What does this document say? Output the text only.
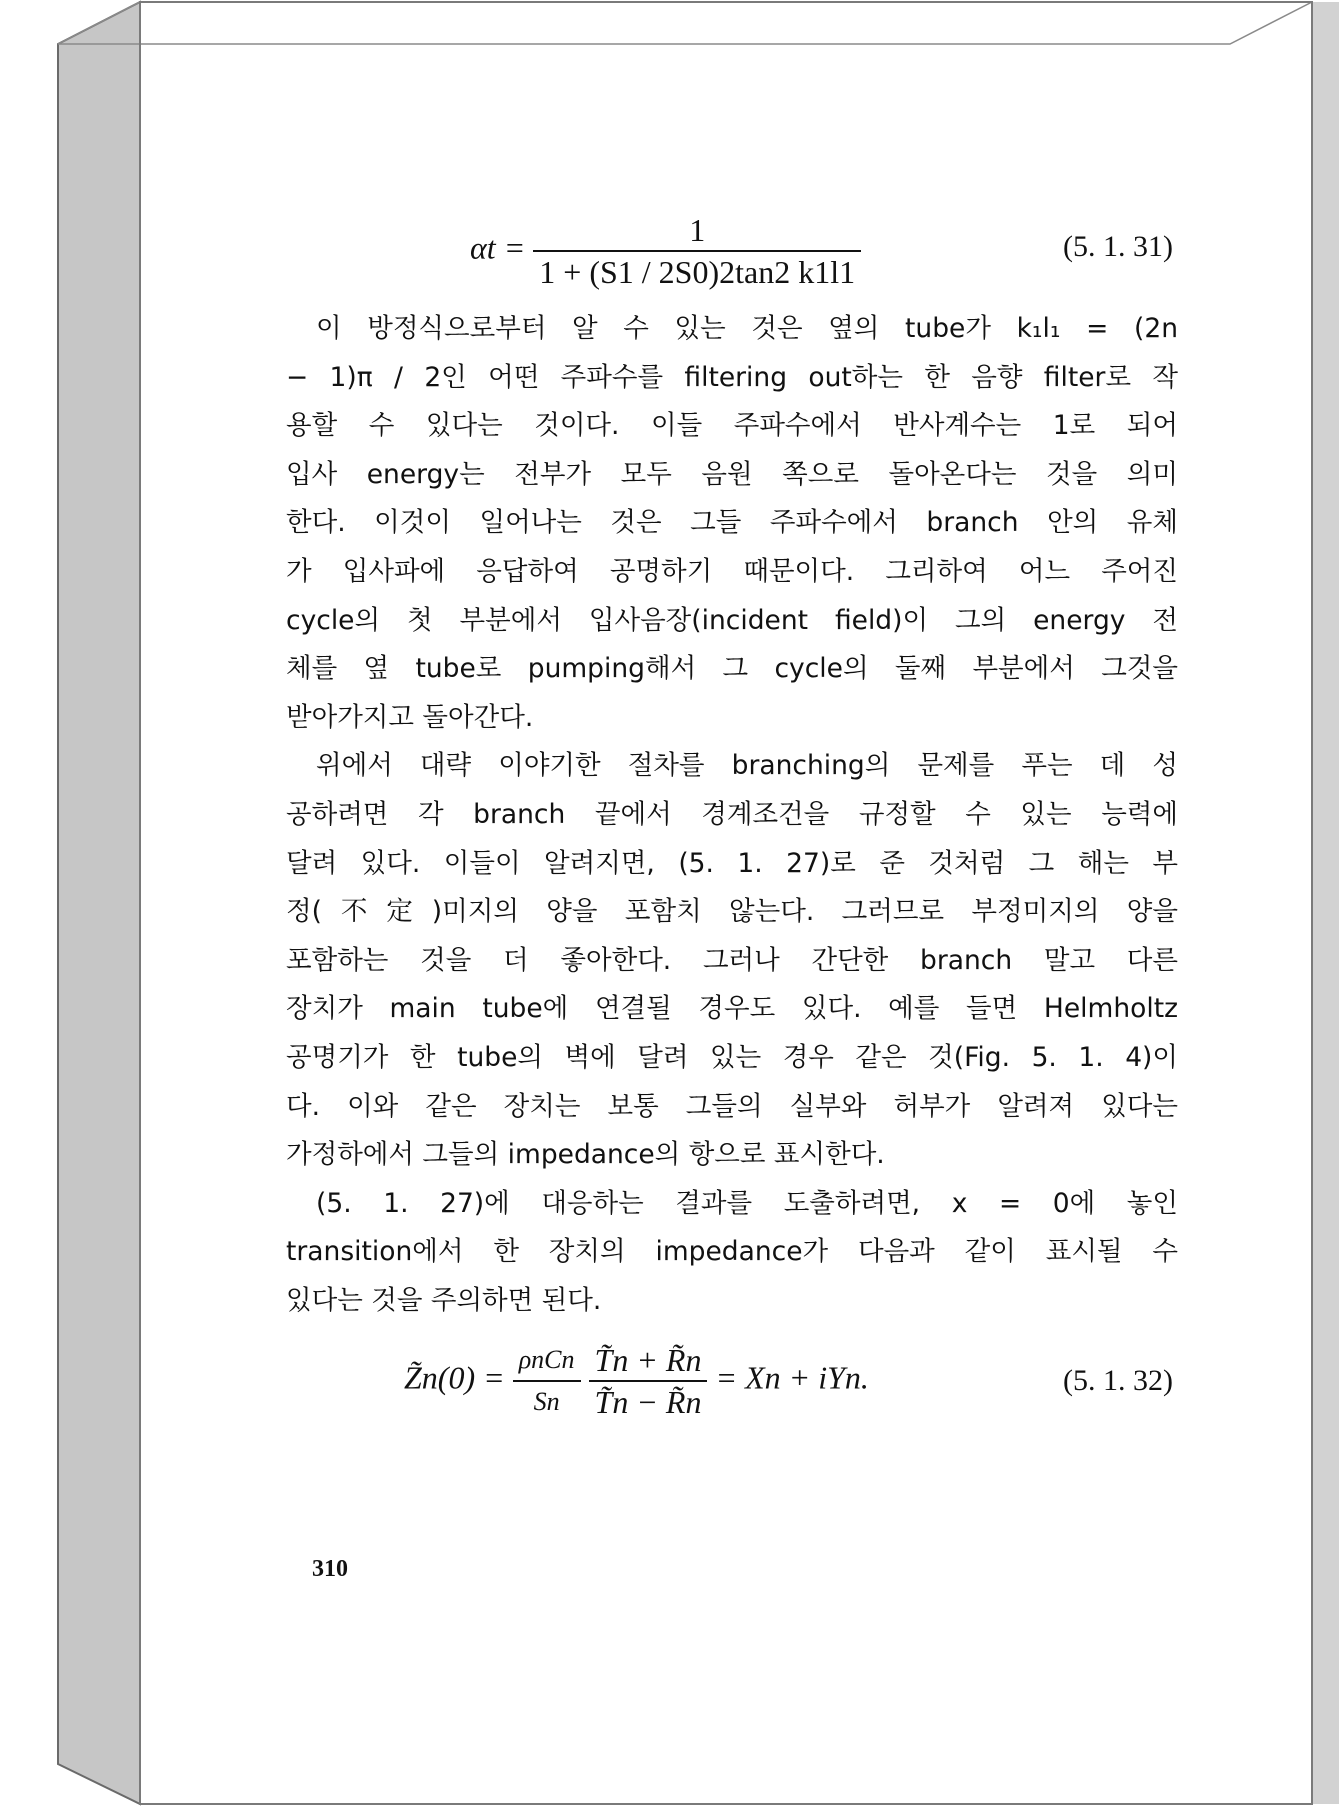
$\alpha t = \frac{1}{1 + (S1 / 2S0)2\tan 2 k1l1}$	(5. 1. 31)
이 방정식으로부터 알 수 있는 것은 옆의 tube가 k₁l₁ = (2n
− 1)π / 2인 어떤 주파수를 filtering out하는 한 음향 filter로 작
용할 수 있다는 것이다. 이들 주파수에서 반사계수는 1로 되어
입사 energy는 전부가 모두 음원 쪽으로 돌아온다는 것을 의미
한다. 이것이 일어나는 것은 그들 주파수에서 branch 안의 유체
가 입사파에 응답하여 공명하기 때문이다. 그리하여 어느 주어진
cycle의 첫 부분에서 입사음장(incident field)이 그의 energy 전
체를 옆 tube로 pumping해서 그 cycle의 둘째 부분에서 그것을
받아가지고 돌아간다.
위에서 대략 이야기한 절차를 branching의 문제를 푸는 데 성
공하려면 각 branch 끝에서 경계조건을 규정할 수 있는 능력에
달려 있다. 이들이 알려지면, (5. 1. 27)로 준 것처럼 그 해는 부
정(不定)미지의 양을 포함치 않는다. 그러므로 부정미지의 양을
포함하는 것을 더 좋아한다. 그러나 간단한 branch 말고 다른
장치가 main tube에 연결될 경우도 있다. 예를 들면 Helmholtz
공명기가 한 tube의 벽에 달려 있는 경우 같은 것(Fig. 5. 1. 4)이
다. 이와 같은 장치는 보통 그들의 실부와 허부가 알려져 있다는
가정하에서 그들의 impedance의 항으로 표시한다.
(5. 1. 27)에 대응하는 결과를 도출하려면, x = 0에 놓인
transition에서 한 장치의 impedance가 다음과 같이 표시될 수
있다는 것을 주의하면 된다.
Z̃n(0) = $\frac{\text{ρnCn}}{Sn}$
$\frac{T̃n + R̃n}{T̃n - R̃n} = Xn$ + iYn.	(5. 1. 32)
310
